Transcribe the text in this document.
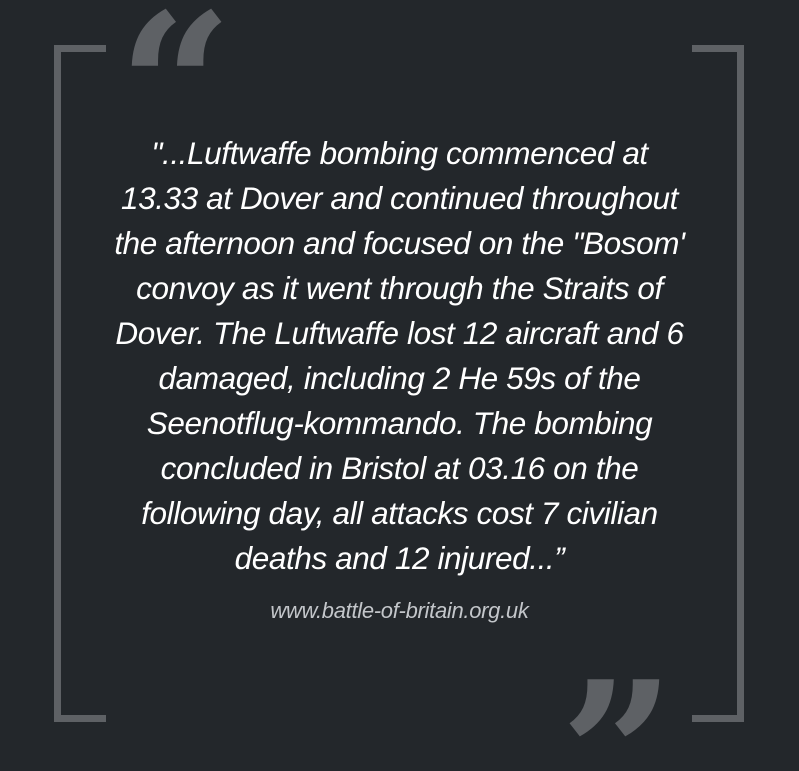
“
”
"...Luftwaffe bombing commenced at
13.33 at Dover and continued throughout
the afternoon and focused on the "Bosom'
convoy as it went through the Straits of
Dover. The Luftwaffe lost 12 aircraft and 6
damaged, including 2 He 59s of the
Seenotflug-kommando. The bombing
concluded in Bristol at 03.16 on the
following day, all attacks cost 7 civilian
deaths and 12 injured...”
www.battle-of-britain.org.uk
